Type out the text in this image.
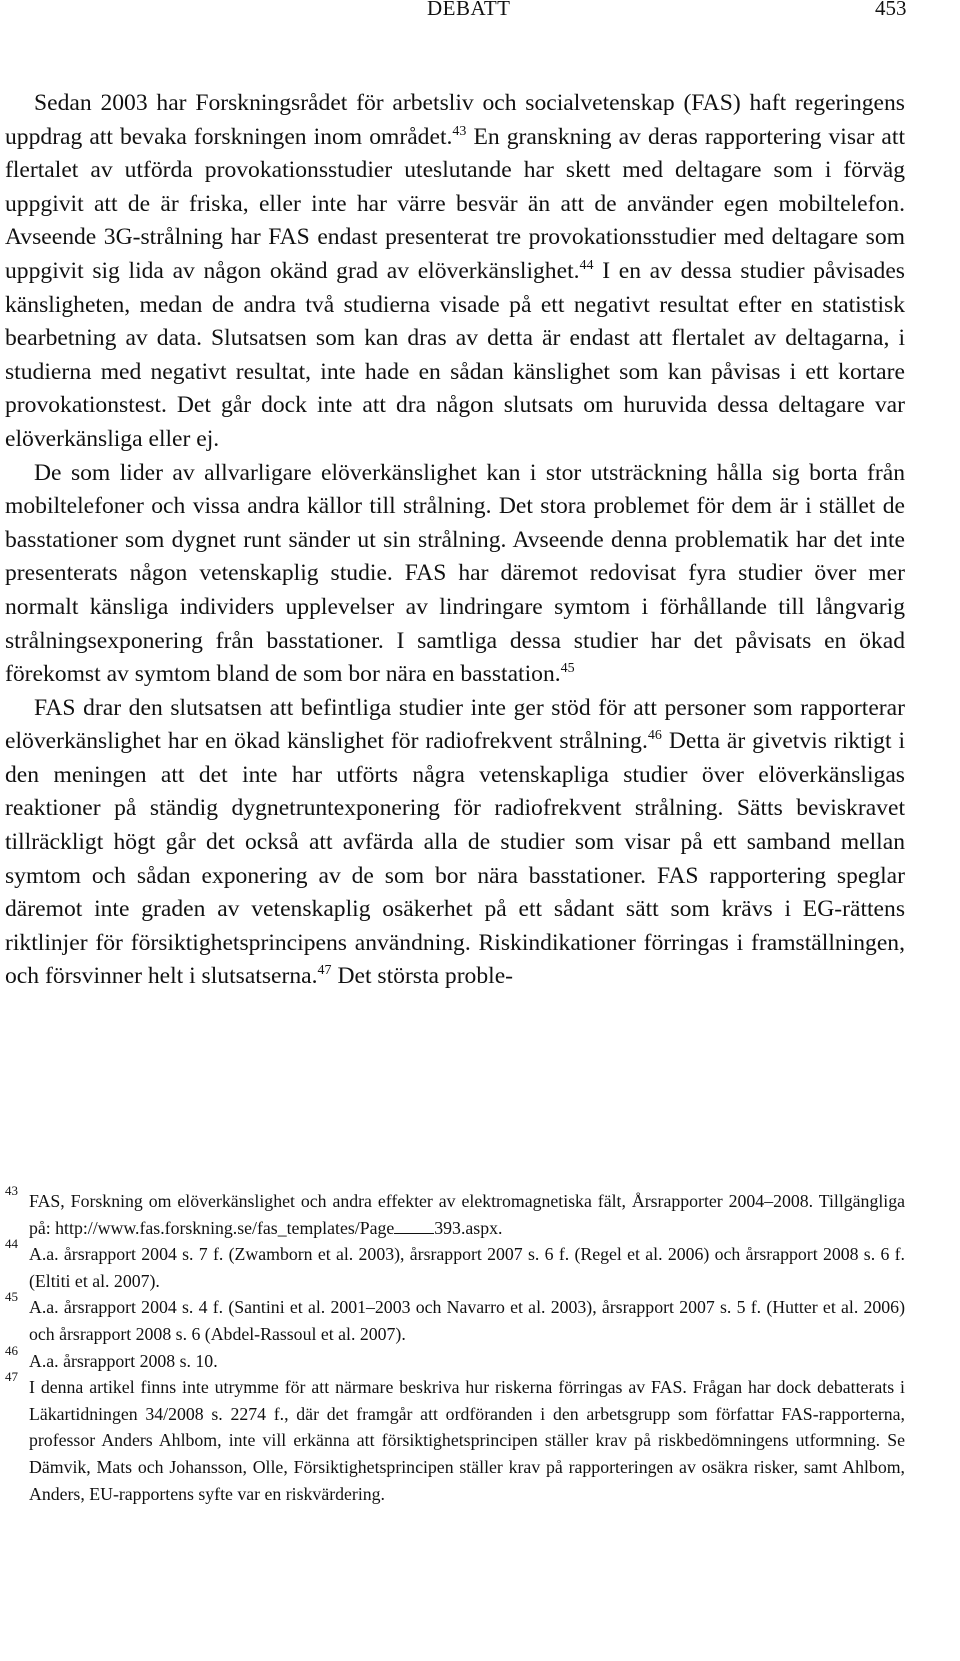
DEBATT	453

Sedan 2003 har Forskningsrådet för arbetsliv och socialvetenskap (FAS) haft regeringens uppdrag att bevaka forskningen inom området.$^{43}$ En granskning av deras rapportering visar att flertalet av utförda provokationsstudier uteslutande har skett med deltagare som i förväg uppgivit att de är friska, eller inte har värre besvär än att de använder egen mobiltelefon. Avseende 3G-strålning har FAS endast presenterat tre provokationsstudier med deltagare som uppgivit sig lida av någon okänd grad av elöverkänslighet.$^{44}$ I en av dessa studier påvisades känsligheten, medan de andra två studierna visade på ett negativt resultat efter en statistisk bearbetning av data. Slutsatsen som kan dras av detta är endast att flertalet av deltagarna, i studierna med negativt resultat, inte hade en sådan känslighet som kan påvisas i ett kortare provokationstest. Det går dock inte att dra någon slutsats om huruvida dessa deltagare var elöverkänsliga eller ej.

De som lider av allvarligare elöverkänslighet kan i stor utsträckning hålla sig borta från mobiltelefoner och vissa andra källor till strålning. Det stora problemet för dem är i stället de basstationer som dygnet runt sänder ut sin strålning. Avseende denna problematik har det inte presenterats någon vetenskaplig studie. FAS har däremot redovisat fyra studier över mer normalt känsliga individers upplevelser av lindringare symtom i förhållande till långvarig strålningsexponering från basstationer. I samtliga dessa studier har det påvisats en ökad förekomst av symtom bland de som bor nära en basstation.$^{45}$

FAS drar den slutsatsen att befintliga studier inte ger stöd för att personer som rapporterar elöverkänslighet har en ökad känslighet för radiofrekvent strålning.$^{46}$ Detta är givetvis riktigt i den meningen att det inte har utförts några vetenskapliga studier över elöverkänsligas reaktioner på ständig dygnetruntexponering för radiofrekvent strålning. Sätts beviskravet tillräckligt högt går det också att avfärda alla de studier som visar på ett samband mellan symtom och sådan exponering av de som bor nära basstationer. FAS rapportering speglar däremot inte graden av vetenskaplig osäkerhet på ett sådant sätt som krävs i EG-rättens riktlinjer för försiktighetsprincipens användning. Riskindikationer förringas i framställningen, och försvinner helt i slutsatserna.$^{47}$ Det största proble-

43
FAS, Forskning om elöverkänslighet och andra effekter av elektromagnetiska fält, Årsrapporter 2004–2008. Tillgängliga på: http://www.fas.forskning.se/fas_templates/Page 393.aspx.

44
A.a. årsrapport 2004 s. 7 f. (Zwamborn et al. 2003), årsrapport 2007 s. 6 f. (Regel et al. 2006) och årsrapport 2008 s. 6 f. (Eltiti et al. 2007).

45
A.a. årsrapport 2004 s. 4 f. (Santini et al. 2001–2003 och Navarro et al. 2003), årsrapport 2007 s. 5 f. (Hutter et al. 2006) och årsrapport 2008 s. 6 (Abdel-Rassoul et al. 2007).

46
A.a. årsrapport 2008 s. 10.

47
I denna artikel finns inte utrymme för att närmare beskriva hur riskerna förringas av FAS. Frågan har dock debatterats i Läkartidningen 34/2008 s. 2274 f., där det framgår att ordföranden i den arbetsgrupp som författar FAS-rapporterna, professor Anders Ahlbom, inte vill erkänna att försiktighetsprincipen ställer krav på riskbedömningens utformning. Se Dämvik, Mats och Johansson, Olle, Försiktighetsprincipen ställer krav på rapporteringen av osäkra risker, samt Ahlbom, Anders, EU-rapportens syfte var en riskvärdering.
